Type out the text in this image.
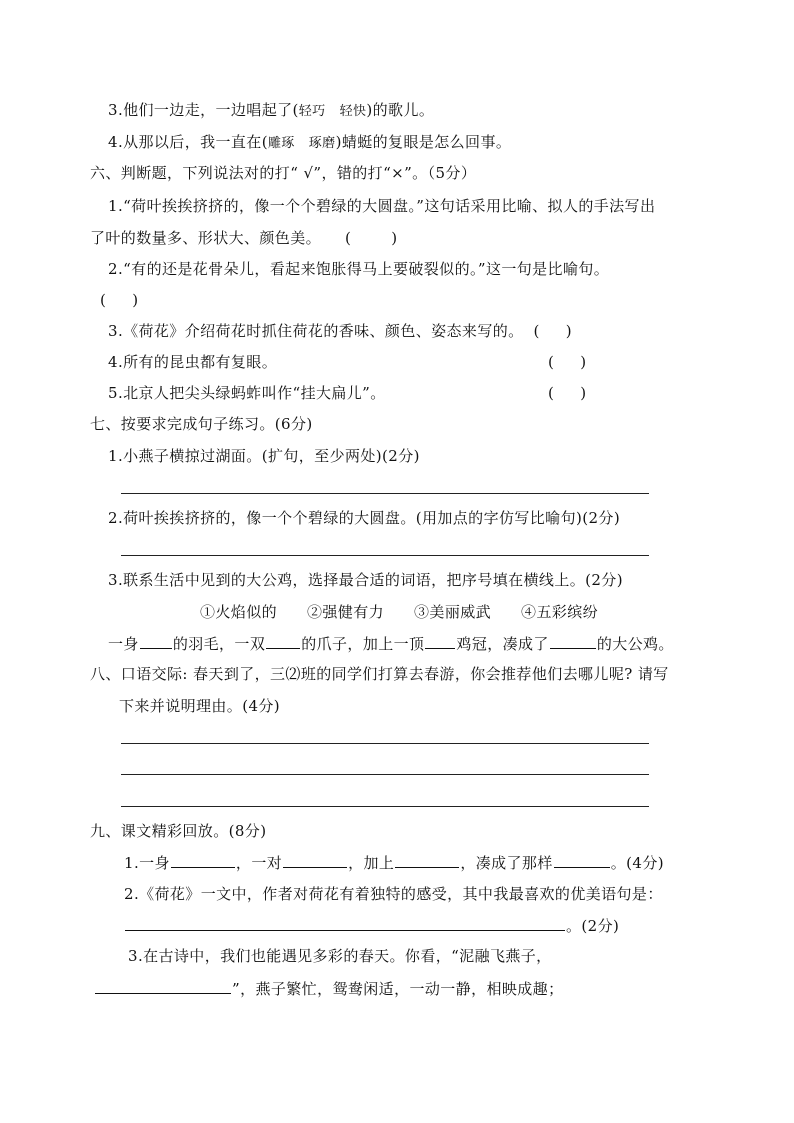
3.他们一边走，一边唱起了(轻巧 轻快)的歌儿。
4.从那以后，我一直在(雕琢 琢磨)蜻蜓的复眼是怎么回事。
六、判断题，下列说法对的打“ √”，错的打“×”。（5分）
1.“荷叶挨挨挤挤的，像一个个碧绿的大圆盘。”这句话采用比喻、拟人的手法写出
了叶的数量多、形状大、颜色美。 (	)
2.“有的还是花骨朵儿，看起来饱胀得马上要破裂似的。”这一句是比喻句。
( )
3.《荷花》介绍荷花时抓住荷花的香味、颜色、姿态来写的。 ( )
4.所有的昆虫都有复眼。	( )
5.北京人把尖头绿蚂蚱叫作“挂大扁儿”。	( )
七、按要求完成句子练习。(6分)
1.小燕子横掠过湖面。(扩句，至少两处)(2分)
2.荷叶挨挨挤挤的，像一个个碧绿的大圆盘。(用加点的字仿写比喻句)(2分)
3.联系生活中见到的大公鸡，选择最合适的词语，把序号填在横线上。(2分)
①火焰似的 ②强健有力 ③美丽威武 ④五彩缤纷
一身 的羽毛，一双 的爪子，加上一顶 鸡冠，凑成了	的大公鸡。
八、口语交际: 春天到了，三⑵班的同学们打算去春游，你会推荐他们去哪儿呢? 请写
下来并说明理由。(4分)
九、课文精彩回放。(8分)
1.一身	，一对	，加上	，凑成了那样	。(4分)
2.《荷花》一文中，作者对荷花有着独特的感受，其中我最喜欢的优美语句是：
。(2分)
3.在古诗中，我们也能遇见多彩的春天。你看，“泥融飞燕子，
”，燕子繁忙，鸳鸯闲适，一动一静，相映成趣；
